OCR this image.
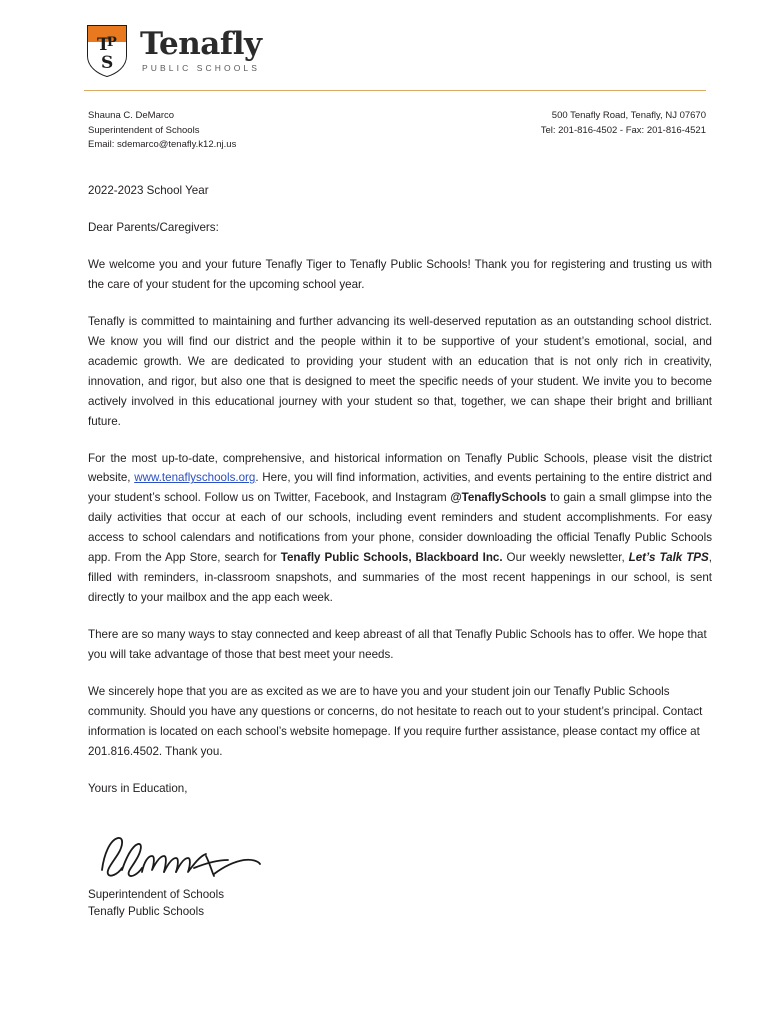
T
P
S
Tenafly
PUBLIC SCHOOLS
Shauna C. DeMarco
Superintendent of Schools
Email: sdemarco@tenafly.k12.nj.us
500 Tenafly Road, Tenafly, NJ 07670
Tel: 201-816-4502 - Fax: 201-816-4521

2022-2023 School Year

Dear Parents/Caregivers:

We welcome you and your future Tenafly Tiger to Tenafly Public Schools! Thank you for registering and trusting us with the care of your student for the upcoming school year.

Tenafly is committed to maintaining and further advancing its well-deserved reputation as an outstanding school district. We know you will find our district and the people within it to be supportive of your student’s emotional, social, and academic growth. We are dedicated to providing your student with an education that is not only rich in creativity, innovation, and rigor, but also one that is designed to meet the specific needs of your student. We invite you to become actively involved in this educational journey with your student so that, together, we can shape their bright and brilliant future.

For the most up-to-date, comprehensive, and historical information on Tenafly Public Schools, please visit the district website, www.tenaflyschools.org. Here, you will find information, activities, and events pertaining to the entire district and your student’s school. Follow us on Twitter, Facebook, and Instagram @TenaflySchools to gain a small glimpse into the daily activities that occur at each of our schools, including event reminders and student accomplishments. For easy access to school calendars and notifications from your phone, consider downloading the official Tenafly Public Schools app. From the App Store, search for Tenafly Public Schools, Blackboard Inc. Our weekly newsletter, Let’s Talk TPS, filled with reminders, in-classroom snapshots, and summaries of the most recent happenings in our school, is sent directly to your mailbox and the app each week.

There are so many ways to stay connected and keep abreast of all that Tenafly Public Schools has to offer. We hope that you will take advantage of those that best meet your needs.

We sincerely hope that you are as excited as we are to have you and your student join our Tenafly Public Schools community. Should you have any questions or concerns, do not hesitate to reach out to your student’s principal. Contact information is located on each school’s website homepage. If you require further assistance, please contact my office at 201.816.4502. Thank you.

Yours in Education,

Superintendent of Schools
Tenafly Public Schools
